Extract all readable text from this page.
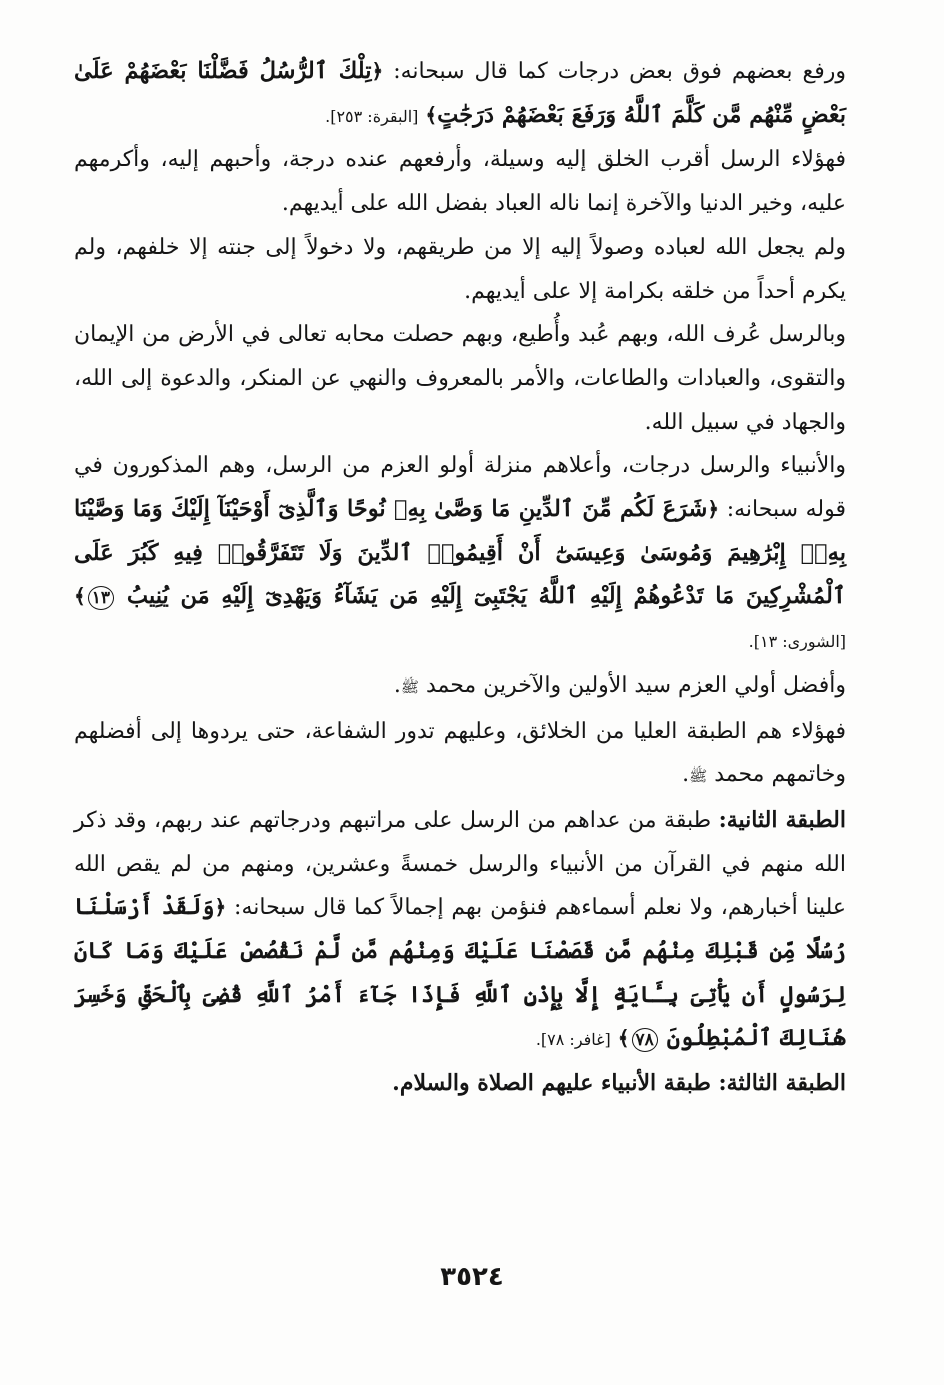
ورفع بعضهم فوق بعض درجات كما قال سبحانه: ﴿تِلْكَ ٱلرُّسُلُ فَضَّلْنَا بَعْضَهُمْ عَلَىٰ بَعْضٍ مِّنْهُم مَّن كَلَّمَ ٱللَّهُ وَرَفَعَ بَعْضَهُمْ دَرَجَٰتٍ﴾ [البقرة: ٢٥٣].

فهؤلاء الرسل أقرب الخلق إليه وسيلة، وأرفعهم عنده درجة، وأحبهم إليه، وأكرمهم عليه، وخير الدنيا والآخرة إنما ناله العباد بفضل الله على أيديهم.

ولم يجعل الله لعباده وصولاً إليه إلا من طريقهم، ولا دخولاً إلى جنته إلا خلفهم، ولم يكرم أحداً من خلقه بكرامة إلا على أيديهم.

وبالرسل عُرف الله، وبهم عُبد وأُطيع، وبهم حصلت محابه تعالى في الأرض من الإيمان والتقوى، والعبادات والطاعات، والأمر بالمعروف والنهي عن المنكر، والدعوة إلى الله، والجهاد في سبيل الله.

والأنبياء والرسل درجات، وأعلاهم منزلة أولو العزم من الرسل، وهم المذكورون في قوله سبحانه: ﴿شَرَعَ لَكُم مِّنَ ٱلدِّينِ مَا وَصَّىٰ بِهِۦ نُوحًا وَٱلَّذِىٓ أَوْحَيْنَآ إِلَيْكَ وَمَا وَصَّيْنَا بِهِۦٓ إِبْرَٰهِيمَ وَمُوسَىٰ وَعِيسَىٰٓ أَنْ أَقِيمُوا۟ ٱلدِّينَ وَلَا تَتَفَرَّقُوا۟ فِيهِ كَبُرَ عَلَى ٱلْمُشْرِكِينَ مَا تَدْعُوهُمْ إِلَيْهِ ٱللَّهُ يَجْتَبِىٓ إِلَيْهِ مَن يَشَآءُ وَيَهْدِىٓ إِلَيْهِ مَن يُنِيبُ ١٣﴾ [الشورى: ١٣].

وأفضل أولي العزم سيد الأولين والآخرين محمد ﷺ.

فهؤلاء هم الطبقة العليا من الخلائق، وعليهم تدور الشفاعة، حتى يردوها إلى أفضلهم وخاتمهم محمد ﷺ.

الطبقة الثانية: طبقة من عداهم من الرسل على مراتبهم ودرجاتهم عند ربهم، وقد ذكر الله منهم في القرآن من الأنبياء والرسل خمسةً وعشرين، ومنهم من لم يقص الله علينا أخبارهم، ولا نعلم أسماءهم فنؤمن بهم إجمالاً كما قال سبحانه: ﴿وَلَقَدْ أَرْسَلْنَا رُسُلًا مِّن قَبْلِكَ مِنْهُم مَّن قَصَصْنَا عَلَيْكَ وَمِنْهُم مَّن لَّمْ نَقْصُصْ عَلَيْكَ وَمَا كَانَ لِرَسُولٍ أَن يَأْتِىَ بِـَٔايَةٍ إِلَّا بِإِذْنِ ٱللَّهِ فَإِذَا جَآءَ أَمْرُ ٱللَّهِ قُضِىَ بِٱلْحَقِّ وَخَسِرَ هُنَالِكَ ٱلْمُبْطِلُونَ ٧٨﴾ [غافر: ٧٨].

الطبقة الثالثة: طبقة الأنبياء عليهم الصلاة والسلام.

٣٥٢٤
